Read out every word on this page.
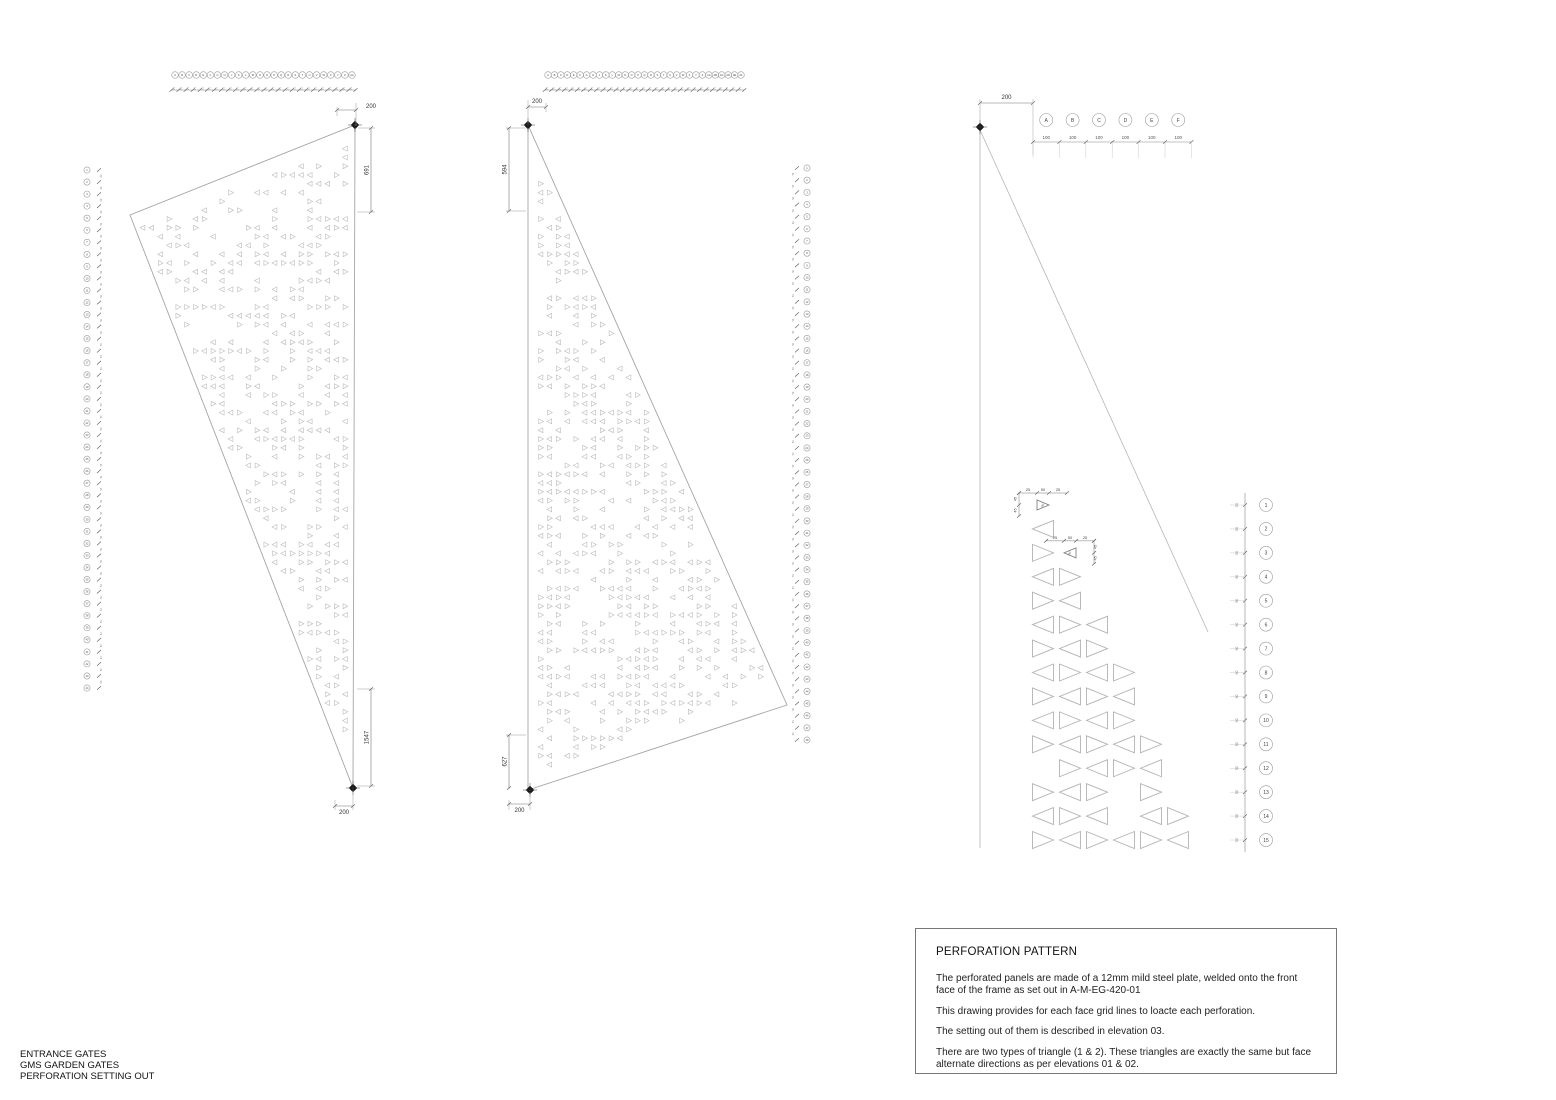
A B C D E F G H J K L M N O P Q R S T U V W X Y Z AA
75 75 75 75 75 75 75 75 75 75 75 75 75 75 75 75 75 75 75 75 75 75 75 75 75 75
1
50
2
50
3
50
4
50
5
50
6
50
7
50
8
50
9
50
10
50
11
50
12
50
13
50
14
50
15
50
16
50
17
50
18
50
19
50
20
50
21
50
22
50
23
50
24
50
25
50
26
50
27
50
28
50
29
50
30
50
31
50
32
50
33
50
34
50
35
50
36
50
37
50
38
50
39
50
40
50
41
50
42
50
43
50
44
200
691
1547
200
A B C D E F G H J K L M N O P Q R S T U V W X Y Z AA AB AC AD AE AF
75 75 75 75 75 75 75 75 75 75 75 75 75 75 75 75 75 75 75 75 75 75 75 75 75 75 75 75 75 75 75
1
50
2
50
3
50
4
50
5
50
6
50
7
50
8
50
9
50
10
50
11
50
12
50
13
50
14
50
15
50
16
50
17
50
18
50
19
50
20
50
21
50
22
50
23
50
24
50
25
50
26
50
27
50
28
50
29
50
30
50
31
50
32
50
33
50
34
50
35
50
36
50
37
50
38
50
39
50
40
50
41
50
42
50
43
50
44
50
45
50
46
50
47
50
48
200
594
627
200
200
A	B	C	D	E	F
100	100	100	100	100	100
50	1
50	2
50	3
50	4
50	5
50	6
50	7
50	8
50	9
50	10
50	11
50	12
50	13
50	14
50	15
25	50	25
45
45
50
25	50	25
45
45
50
PERFORATION PATTERN

The perforated panels are made of a 12mm mild steel plate, welded onto the front face of the frame as set out in A-M-EG-420-01

This drawing provides for each face grid lines to loacte each perforation.

The setting out of them is described in elevation 03.

There are two types of triangle (1 & 2). These triangles are exactly the same but face alternate directions as per elevations 01 & 02.

ENTRANCE GATES
GMS GARDEN GATES
PERFORATION SETTING OUT
